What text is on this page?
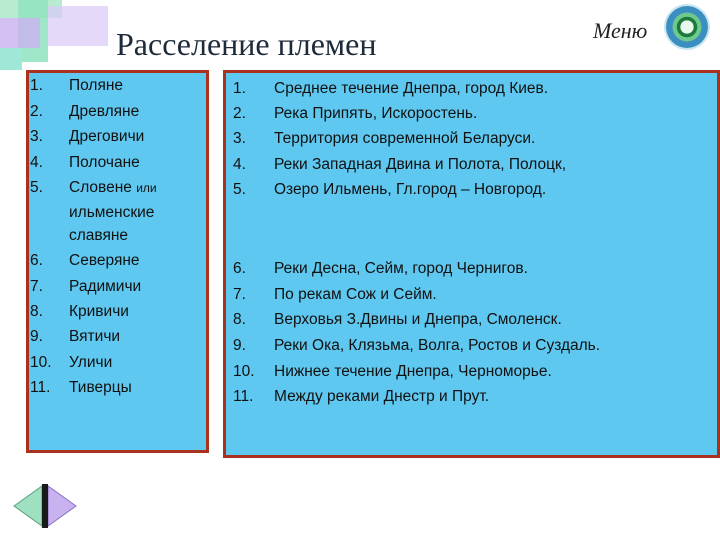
Расселение племен	Меню
1. Поляне
2. Древляне
3. Дреговичи
4. Полочане
5. Словене или
ильменские
славяне
6. Северяне
7. Радимичи
8. Кривичи
9. Вятичи
10. Уличи
11. Тиверцы
1. Среднее течение Днепра, город Киев.
2. Река Припять, Искоростень.
3. Территория современной Беларуси.
4. Реки Западная Двина и Полота, Полоцк,
5. Озеро Ильмень, Гл.город – Новгород.
6. Реки Десна, Сейм, город Чернигов.
7. По рекам Сож и Сейм.
8. Верховья З.Двины и Днепра, Смоленск.
9. Реки Ока, Клязьма, Волга, Ростов и Суздаль.
10. Нижнее течение Днепра, Черноморье.
11. Между реками Днестр и Прут.
